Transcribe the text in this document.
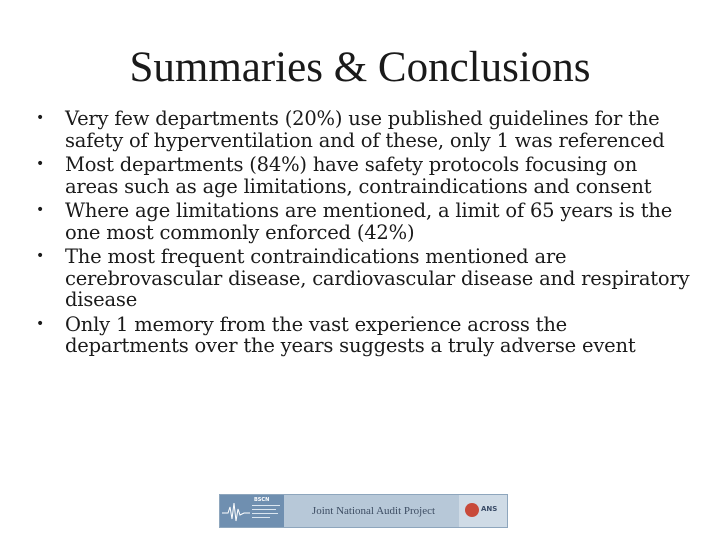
Summaries & Conclusions
• Very few departments (20%) use published guidelines for the safety of hyperventilation and of these, only 1 was referenced
• Most departments (84%) have safety protocols focusing on areas such as age limitations, contraindications and consent
• Where age limitations are mentioned, a limit of 65 years is the one most commonly enforced (42%)
• The most frequent contraindications mentioned are cerebrovascular disease, cardiovascular disease and respiratory disease
• Only 1 memory from the vast experience across the departments over the years suggests a truly adverse event
BSCN
Joint National Audit Project	ANS
